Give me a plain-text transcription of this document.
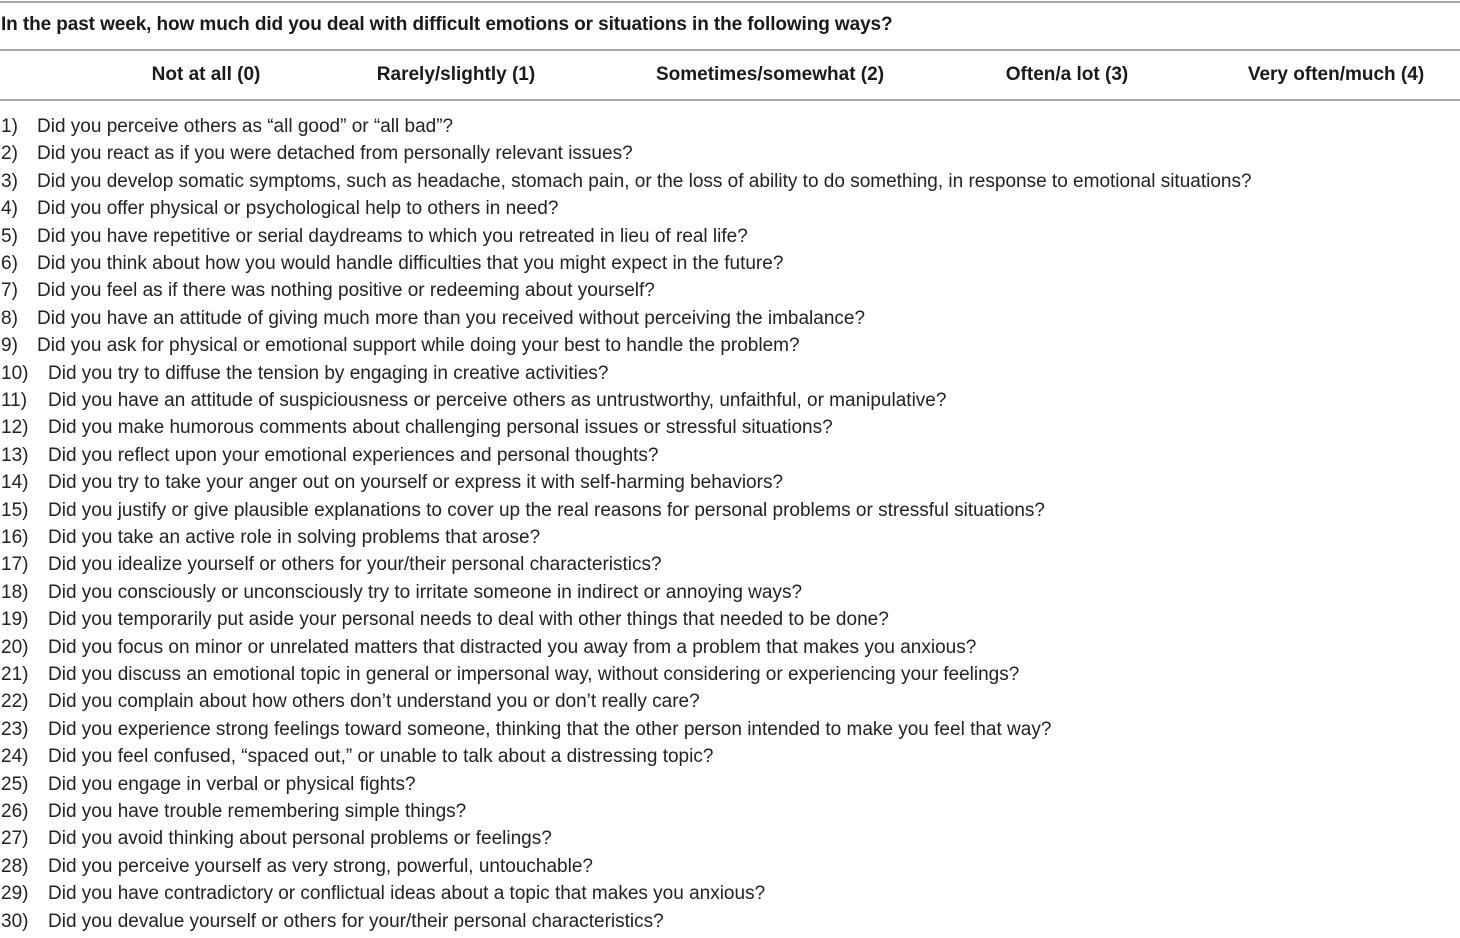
In the past week, how much did you deal with difficult emotions or situations in the following ways?
Not at all (0)	Rarely/slightly (1)	Sometimes/somewhat (2)	Often/a lot (3)	Very often/much (4)
1) Did you perceive others as “all good” or “all bad”?
2) Did you react as if you were detached from personally relevant issues?
3) Did you develop somatic symptoms, such as headache, stomach pain, or the loss of ability to do something, in response to emotional situations?
4) Did you offer physical or psychological help to others in need?
5) Did you have repetitive or serial daydreams to which you retreated in lieu of real life?
6) Did you think about how you would handle difficulties that you might expect in the future?
7) Did you feel as if there was nothing positive or redeeming about yourself?
8) Did you have an attitude of giving much more than you received without perceiving the imbalance?
9) Did you ask for physical or emotional support while doing your best to handle the problem?
10) Did you try to diffuse the tension by engaging in creative activities?
11) Did you have an attitude of suspiciousness or perceive others as untrustworthy, unfaithful, or manipulative?
12) Did you make humorous comments about challenging personal issues or stressful situations?
13) Did you reflect upon your emotional experiences and personal thoughts?
14) Did you try to take your anger out on yourself or express it with self-harming behaviors?
15) Did you justify or give plausible explanations to cover up the real reasons for personal problems or stressful situations?
16) Did you take an active role in solving problems that arose?
17) Did you idealize yourself or others for your/their personal characteristics?
18) Did you consciously or unconsciously try to irritate someone in indirect or annoying ways?
19) Did you temporarily put aside your personal needs to deal with other things that needed to be done?
20) Did you focus on minor or unrelated matters that distracted you away from a problem that makes you anxious?
21) Did you discuss an emotional topic in general or impersonal way, without considering or experiencing your feelings?
22) Did you complain about how others don’t understand you or don’t really care?
23) Did you experience strong feelings toward someone, thinking that the other person intended to make you feel that way?
24) Did you feel confused, “spaced out,” or unable to talk about a distressing topic?
25) Did you engage in verbal or physical fights?
26) Did you have trouble remembering simple things?
27) Did you avoid thinking about personal problems or feelings?
28) Did you perceive yourself as very strong, powerful, untouchable?
29) Did you have contradictory or conflictual ideas about a topic that makes you anxious?
30) Did you devalue yourself or others for your/their personal characteristics?
